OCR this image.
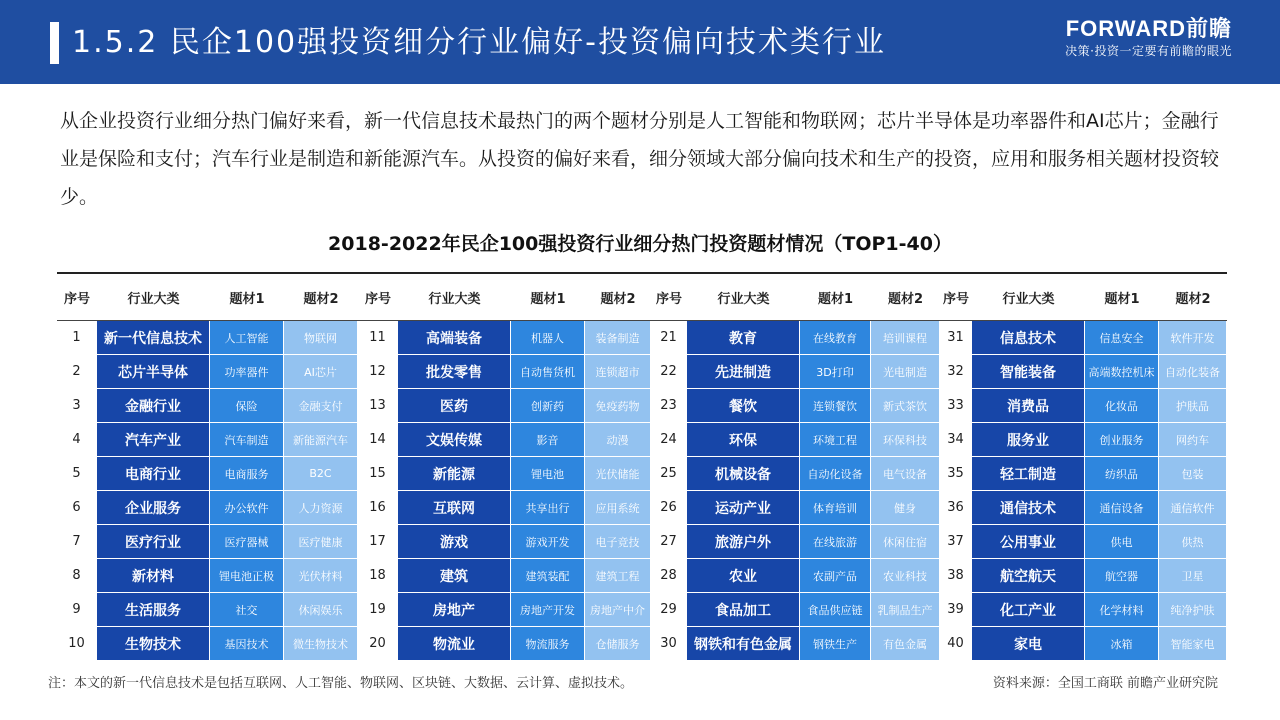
1.5.2 民企100强投资细分行业偏好-投资偏向技术类行业	FORWARD前瞻
决策·投资一定要有前瞻的眼光
从企业投资行业细分热门偏好来看，新一代信息技术最热门的两个题材分别是人工智能和物联网；芯片半导体是功率器件和AI芯片；金融行业是保险和支付；汽车行业是制造和新能源汽车。从投资的偏好来看，细分领域大部分偏向技术和生产的投资，应用和服务相关题材投资较少。
2018-2022年民企100强投资行业细分热门投资题材情况（TOP1-40）
序号	行业大类	题材1	题材2	序号	行业大类	题材1	题材2	序号	行业大类	题材1	题材2	序号	行业大类	题材1	题材2
1	新一代信息技术	人工智能	物联网	11	高端装备	机器人	装备制造	21	教育	在线教育	培训课程	31	信息技术	信息安全	软件开发
2	芯片半导体	功率器件	AI芯片	12	批发零售	自动售货机	连锁超市	22	先进制造	3D打印	光电制造	32	智能装备	高端数控机床	自动化装备
3	金融行业	保险	金融支付	13	医药	创新药	免疫药物	23	餐饮	连锁餐饮	新式茶饮	33	消费品	化妆品	护肤品
4	汽车产业	汽车制造	新能源汽车	14	文娱传媒	影音	动漫	24	环保	环境工程	环保科技	34	服务业	创业服务	网约车
5	电商行业	电商服务	B2C	15	新能源	锂电池	光伏储能	25	机械设备	自动化设备	电气设备	35	轻工制造	纺织品	包装
6	企业服务	办公软件	人力资源	16	互联网	共享出行	应用系统	26	运动产业	体育培训	健身	36	通信技术	通信设备	通信软件
7	医疗行业	医疗器械	医疗健康	17	游戏	游戏开发	电子竞技	27	旅游户外	在线旅游	休闲住宿	37	公用事业	供电	供热
8	新材料	锂电池正极	光伏材料	18	建筑	建筑装配	建筑工程	28	农业	农副产品	农业科技	38	航空航天	航空器	卫星
9	生活服务	社交	休闲娱乐	19	房地产	房地产开发	房地产中介	29	食品加工	食品供应链	乳制品生产	39	化工产业	化学材料	纯净护肤
10	生物技术	基因技术	微生物技术	20	物流业	物流服务	仓储服务	30	钢铁和有色金属	钢铁生产	有色金属	40	家电	冰箱	智能家电
注：本文的新一代信息技术是包括互联网、人工智能、物联网、区块链、大数据、云计算、虚拟技术。	资料来源：全国工商联 前瞻产业研究院
